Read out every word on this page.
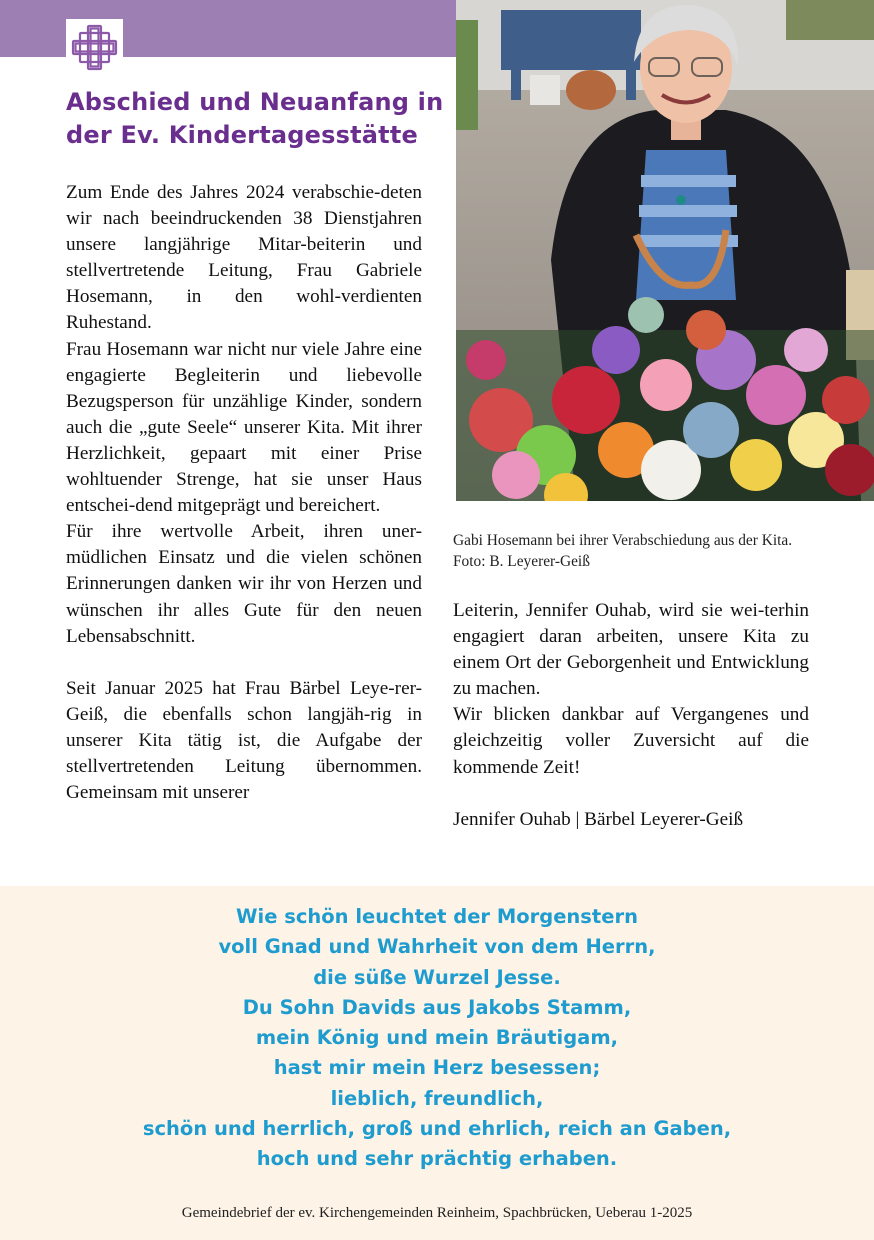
Abschied und Neuanfang in
der Ev. Kindertagesstätte

Zum Ende des Jahres 2024 verabschie-deten wir nach beeindruckenden 38 Dienstjahren unsere langjährige Mitar-beiterin und stellvertretende Leitung, Frau Gabriele Hosemann, in den wohl-verdienten Ruhestand.

Frau Hosemann war nicht nur viele Jahre eine engagierte Begleiterin und liebevolle Bezugsperson für unzählige Kinder, sondern auch die „gute Seele“ unserer Kita. Mit ihrer Herzlichkeit, gepaart mit einer Prise wohltuender Strenge, hat sie unser Haus entschei-dend mitgeprägt und bereichert.

Für ihre wertvolle Arbeit, ihren uner-müdlichen Einsatz und die vielen schönen Erinnerungen danken wir ihr von Herzen und wünschen ihr alles Gute für den neuen Lebensabschnitt.

Seit Januar 2025 hat Frau Bärbel Leye-rer-Geiß, die ebenfalls schon langjäh-rig in unserer Kita tätig ist, die Aufgabe der stellvertretenden Leitung übernommen. Gemeinsam mit unserer

Gabi Hosemann bei ihrer Verabschiedung aus der Kita. Foto: B. Leyerer-Geiß

Leiterin, Jennifer Ouhab, wird sie wei-terhin engagiert daran arbeiten, unsere Kita zu einem Ort der Geborgenheit und Entwicklung zu machen.

Wir blicken dankbar auf Vergangenes und gleichzeitig voller Zuversicht auf die kommende Zeit!

Jennifer Ouhab | Bärbel Leyerer-Geiß

Wie schön leuchtet der Morgenstern
voll Gnad und Wahrheit von dem Herrn,
die süße Wurzel Jesse.
Du Sohn Davids aus Jakobs Stamm,
mein König und mein Bräutigam,
hast mir mein Herz besessen;
lieblich, freundlich,
schön und herrlich, groß und ehrlich, reich an Gaben,
hoch und sehr prächtig erhaben.
Gemeindebrief der ev. Kirchengemeinden Reinheim, Spachbrücken, Ueberau 1-2025
